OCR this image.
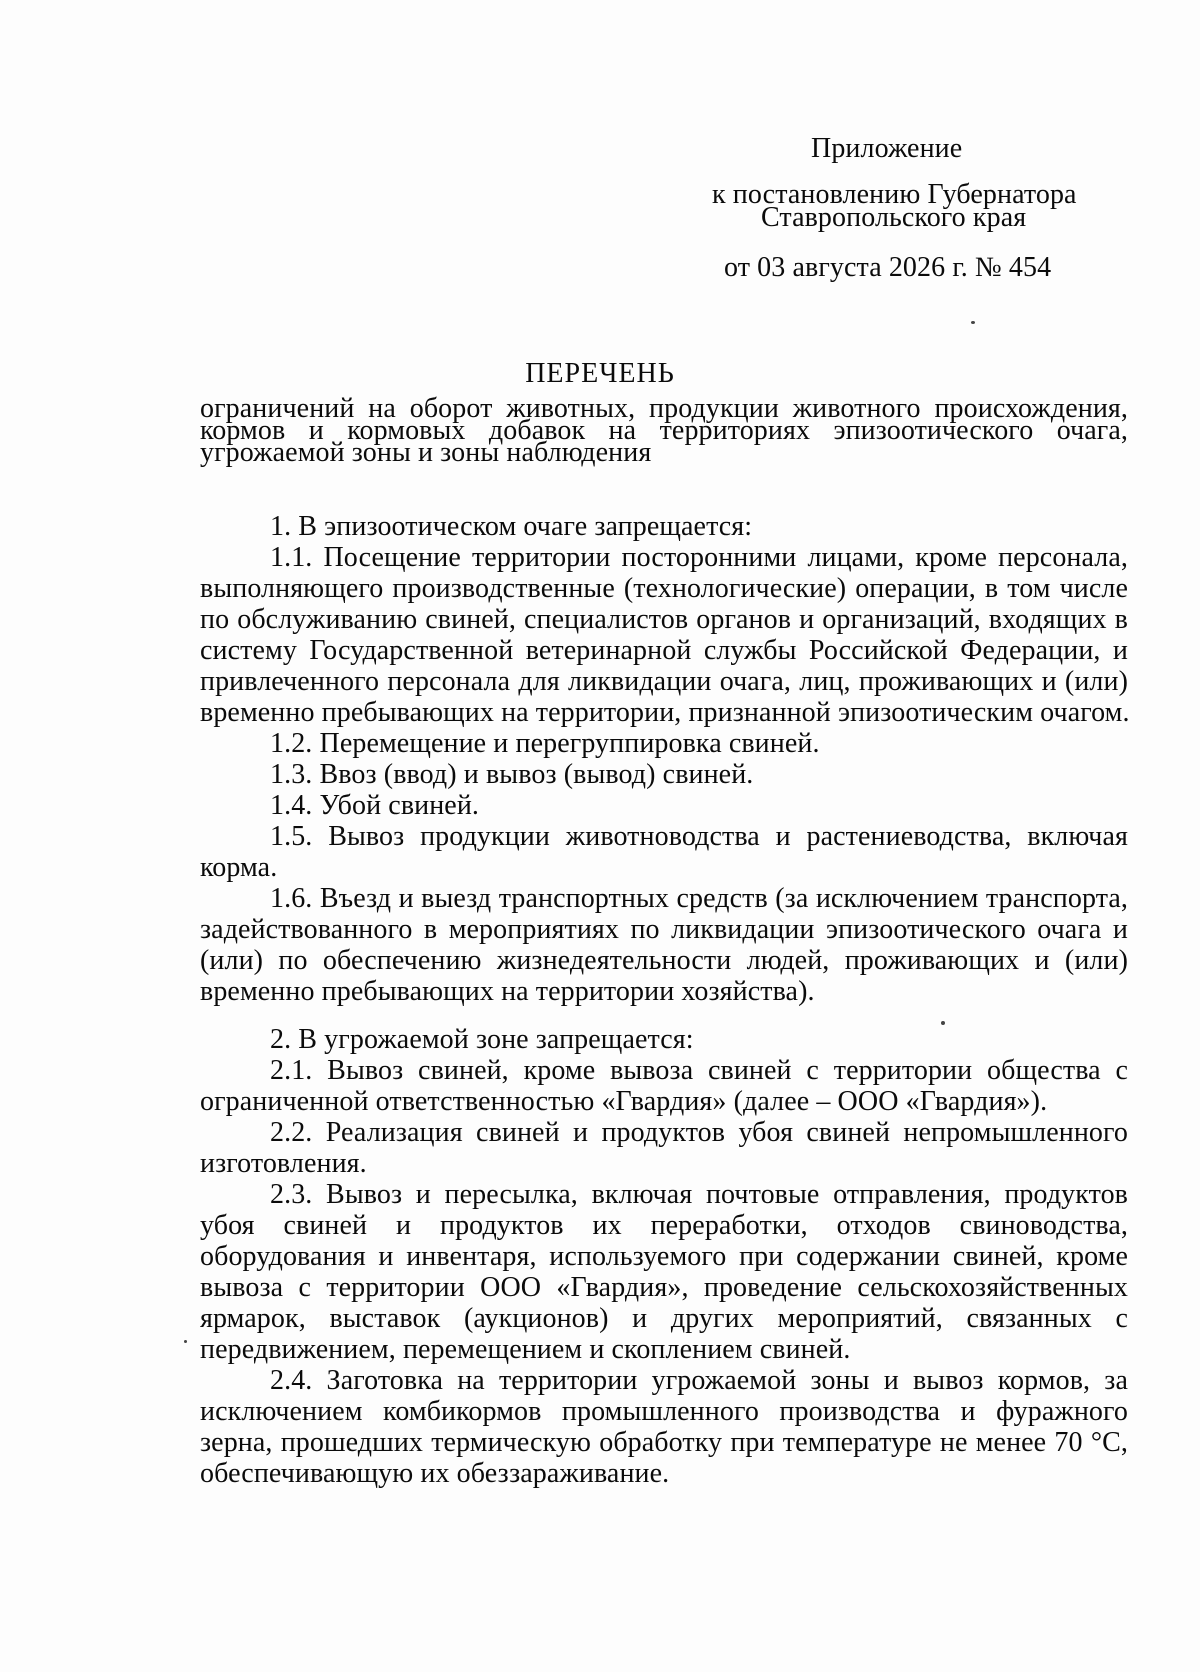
Приложение
к постановлению Губернатора
Ставропольского края
от 03 августа 2026 г. № 454
ПЕРЕЧЕНЬ
ограничений на оборот животных, продукции животного происхождения,
кормов и кормовых добавок на территориях эпизоотического очага,
угрожаемой зоны и зоны наблюдения
1. В эпизоотическом очаге запрещается:
1.1. Посещение территории посторонними лицами, кроме персонала,
выполняющего производственные (технологические) операции, в том числе
по обслуживанию свиней, специалистов органов и организаций, входящих в
систему Государственной ветеринарной службы Российской Федерации, и
привлеченного персонала для ликвидации очага, лиц, проживающих и (или)
временно пребывающих на территории, признанной эпизоотическим очагом.
1.2. Перемещение и перегруппировка свиней.
1.3. Ввоз (ввод) и вывоз (вывод) свиней.
1.4. Убой свиней.
1.5. Вывоз продукции животноводства и растениеводства, включая
корма.
1.6. Въезд и выезд транспортных средств (за исключением транспорта,
задействованного в мероприятиях по ликвидации эпизоотического очага и
(или) по обеспечению жизнедеятельности людей, проживающих и (или)
временно пребывающих на территории хозяйства).
2. В угрожаемой зоне запрещается:
2.1. Вывоз свиней, кроме вывоза свиней с территории общества с
ограниченной ответственностью «Гвардия» (далее – ООО «Гвардия»).
2.2. Реализация свиней и продуктов убоя свиней непромышленного
изготовления.
2.3. Вывоз и пересылка, включая почтовые отправления, продуктов
убоя свиней и продуктов их переработки, отходов свиноводства,
оборудования и инвентаря, используемого при содержании свиней, кроме
вывоза с территории ООО «Гвардия», проведение сельскохозяйственных
ярмарок, выставок (аукционов) и других мероприятий, связанных с
передвижением, перемещением и скоплением свиней.
2.4. Заготовка на территории угрожаемой зоны и вывоз кормов, за
исключением комбикормов промышленного производства и фуражного
зерна, прошедших термическую обработку при температуре не менее 70 °С,
обеспечивающую их обеззараживание.
